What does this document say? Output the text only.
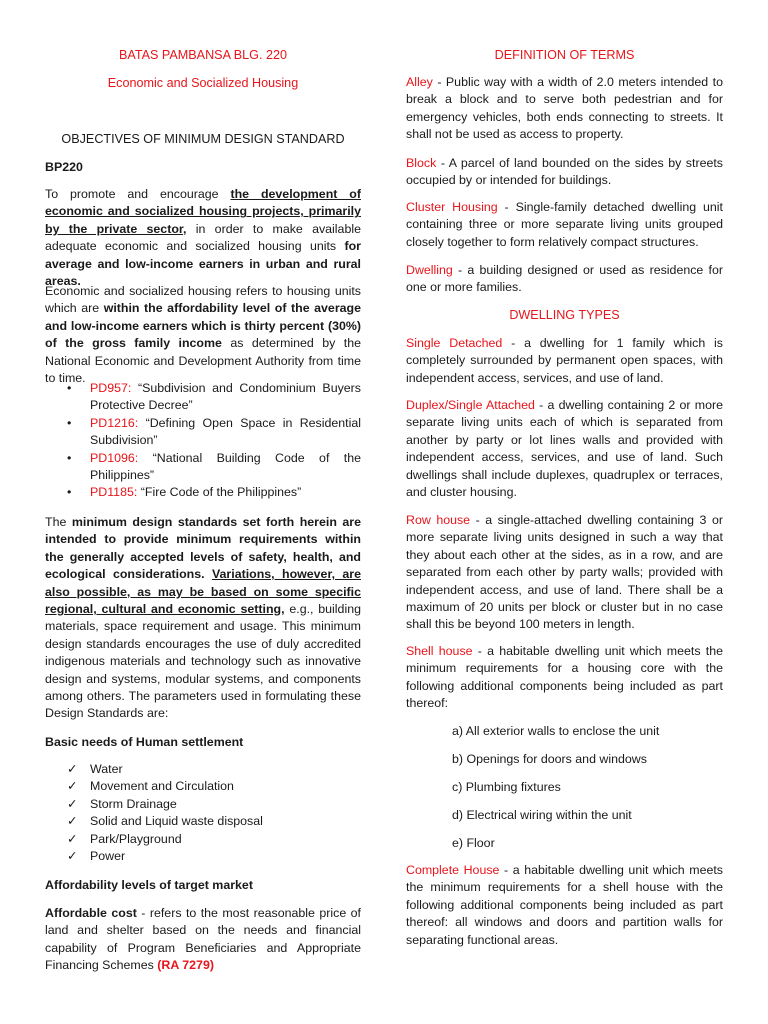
BATAS PAMBANSA BLG. 220

Economic and Socialized Housing

OBJECTIVES OF MINIMUM DESIGN STANDARD

BP220

To promote and encourage the development of economic and socialized housing projects, primarily by the private sector, in order to make available adequate economic and socialized housing units for average and low-income earners in urban and rural areas.

Economic and socialized housing refers to housing units which are within the affordability level of the average and low-income earners which is thirty percent (30%) of the gross family income as determined by the National Economic and Development Authority from time to time.

• PD957: “Subdivision and Condominium Buyers Protective Decree”
• PD1216: “Defining Open Space in Residential Subdivision”
• PD1096: “National Building Code of the Philippines”
• PD1185: “Fire Code of the Philippines”

The minimum design standards set forth herein are intended to provide minimum requirements within the generally accepted levels of safety, health, and ecological considerations. Variations, however, are also possible, as may be based on some specific regional, cultural and economic setting, e.g., building materials, space requirement and usage. This minimum design standards encourages the use of duly accredited indigenous materials and technology such as innovative design and systems, modular systems, and components among others. The parameters used in formulating these Design Standards are:

Basic needs of Human settlement

✓ Water
✓ Movement and Circulation
✓ Storm Drainage
✓ Solid and Liquid waste disposal
✓ Park/Playground
✓ Power

Affordability levels of target market

Affordable cost - refers to the most reasonable price of land and shelter based on the needs and financial capability of Program Beneficiaries and Appropriate Financing Schemes (RA 7279)

DEFINITION OF TERMS

Alley - Public way with a width of 2.0 meters intended to break a block and to serve both pedestrian and for emergency vehicles, both ends connecting to streets. It shall not be used as access to property.

Block - A parcel of land bounded on the sides by streets occupied by or intended for buildings.

Cluster Housing - Single-family detached dwelling unit containing three or more separate living units grouped closely together to form relatively compact structures.

Dwelling - a building designed or used as residence for one or more families.

DWELLING TYPES

Single Detached - a dwelling for 1 family which is completely surrounded by permanent open spaces, with independent access, services, and use of land.

Duplex/Single Attached - a dwelling containing 2 or more separate living units each of which is separated from another by party or lot lines walls and provided with independent access, services, and use of land. Such dwellings shall include duplexes, quadruplex or terraces, and cluster housing.

Row house - a single-attached dwelling containing 3 or more separate living units designed in such a way that they about each other at the sides, as in a row, and are separated from each other by party walls; provided with independent access, and use of land. There shall be a maximum of 20 units per block or cluster but in no case shall this be beyond 100 meters in length.

Shell house - a habitable dwelling unit which meets the minimum requirements for a housing core with the following additional components being included as part thereof:

a) All exterior walls to enclose the unit

b) Openings for doors and windows

c) Plumbing fixtures

d) Electrical wiring within the unit

e) Floor

Complete House - a habitable dwelling unit which meets the minimum requirements for a shell house with the following additional components being included as part thereof: all windows and doors and partition walls for separating functional areas.
